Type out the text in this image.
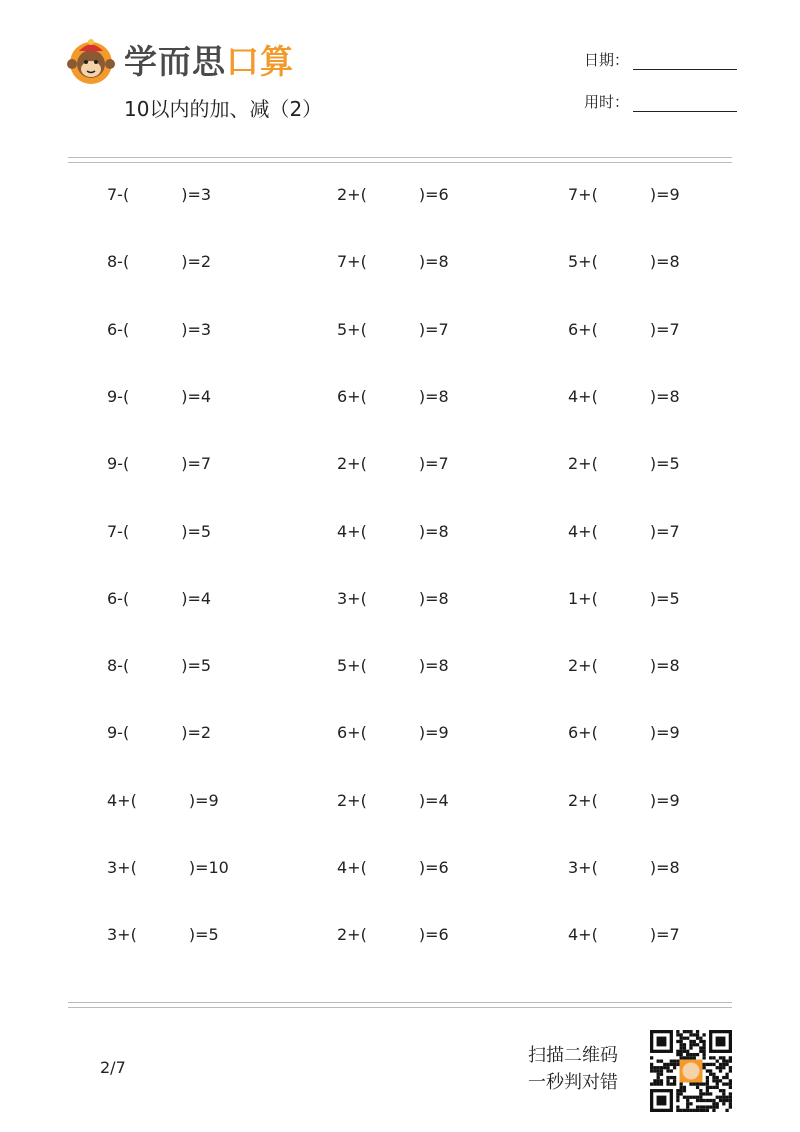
学而思口算
10以内的加、减（2）
日期：
用时：
7-(	)=3	2+(	)=6	7+(	)=9
8-(	)=2	7+(	)=8	5+(	)=8
6-(	)=3	5+(	)=7	6+(	)=7
9-(	)=4	6+(	)=8	4+(	)=8
9-(	)=7	2+(	)=7	2+(	)=5
7-(	)=5	4+(	)=8	4+(	)=7
6-(	)=4	3+(	)=8	1+(	)=5
8-(	)=5	5+(	)=8	2+(	)=8
9-(	)=2	6+(	)=9	6+(	)=9
4+(	)=9	2+(	)=4	2+(	)=9
3+(	)=10	4+(	)=6	3+(	)=8
3+(	)=5	2+(	)=6	4+(	)=7
2/7
扫描二维码
一秒判对错
